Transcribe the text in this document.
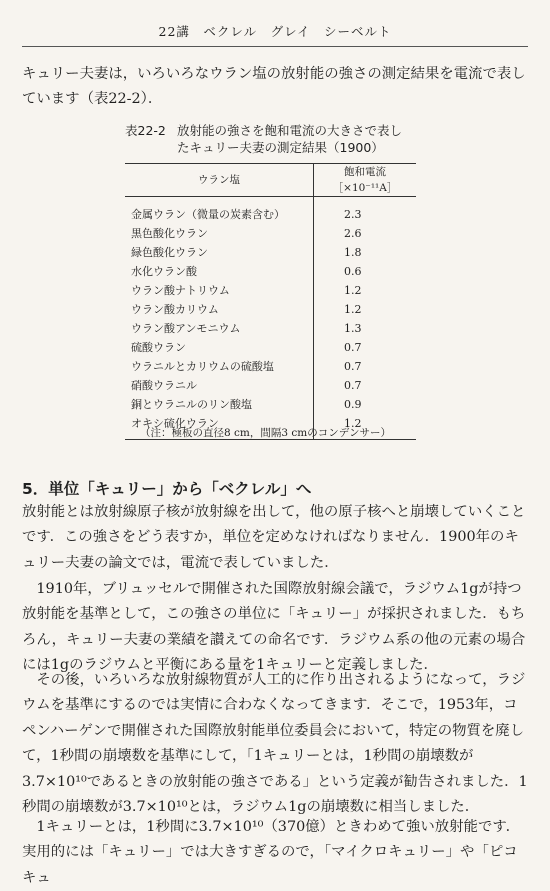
22講　ベクレル　グレイ　シーベルト
キュリー夫妻は，いろいろなウラン塩の放射能の強さの測定結果を電流で表しています（表22-2）．
表22-2 放射能の強さを飽和電流の大きさで表し
たキュリー夫妻の測定結果（1900）
ウラン塩	飽和電流
［×10⁻¹¹A］

金属ウラン（微量の炭素含む）	2.3
黒色酸化ウラン	2.6
緑色酸化ウラン	1.8
水化ウラン酸	0.6
ウラン酸ナトリウム	1.2
ウラン酸カリウム	1.2
ウラン酸アンモニウム	1.3
硫酸ウラン	0.7
ウラニルとカリウムの硫酸塩	0.7
硝酸ウラニル	0.7
銅とウラニルのリン酸塩	0.9
オキシ硫化ウラン	1.2
（注：極板の直径8 cm，間隔3 cmのコンデンサー）
5．単位「キュリー」から「ベクレル」へ
放射能とは放射線原子核が放射線を出して，他の原子核へと崩壊していくことです．この強さをどう表すか，単位を定めなければなりません．1900年のキュリー夫妻の論文では，電流で表していました．
　1910年，ブリュッセルで開催された国際放射線会議で，ラジウム1gが持つ放射能を基準として，この強さの単位に「キュリー」が採択されました．もちろん，キュリー夫妻の業績を讃えての命名です．ラジウム系の他の元素の場合には1gのラジウムと平衡にある量を1キュリーと定義しました．
　その後，いろいろな放射線物質が人工的に作り出されるようになって，ラジウムを基準にするのでは実情に合わなくなってきます．そこで，1953年，コペンハーゲンで開催された国際放射能単位委員会において，特定の物質を廃して，1秒間の崩壊数を基準にして，「1キュリーとは，1秒間の崩壊数が3.7×10¹⁰であるときの放射能の強さである」という定義が勧告されました．1秒間の崩壊数が3.7×10¹⁰とは，ラジウム1gの崩壊数に相当しました．
　1キュリーとは，1秒間に3.7×10¹⁰（370億）ときわめて強い放射能です．実用的には「キュリー」では大きすぎるので，「マイクロキュリー」や「ピコキュ
